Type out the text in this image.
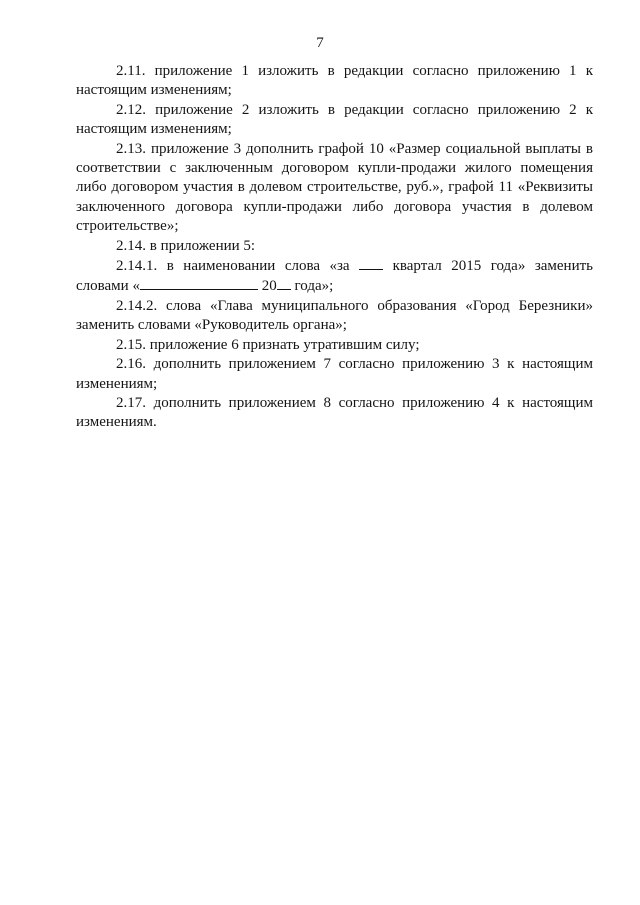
7

2.11. приложение 1 изложить в редакции согласно приложению 1 к настоящим изменениям;

2.12. приложение 2 изложить в редакции согласно приложению 2 к настоящим изменениям;

2.13. приложение 3 дополнить графой 10 «Размер социальной выплаты в соответствии с заключенным договором купли-продажи жилого помещения либо договором участия в долевом строительстве, руб.», графой 11 «Реквизиты заключенного договора купли-продажи либо договора участия в долевом строительстве»;

2.14. в приложении 5:

2.14.1. в наименовании слова «за	квартал 2015 года» заменить словами «	20 года»;

2.14.2. слова «Глава муниципального образования «Город Березники» заменить словами «Руководитель органа»;

2.15. приложение 6 признать утратившим силу;

2.16. дополнить приложением 7 согласно приложению 3 к настоящим изменениям;

2.17. дополнить приложением 8 согласно приложению 4 к настоящим изменениям.
